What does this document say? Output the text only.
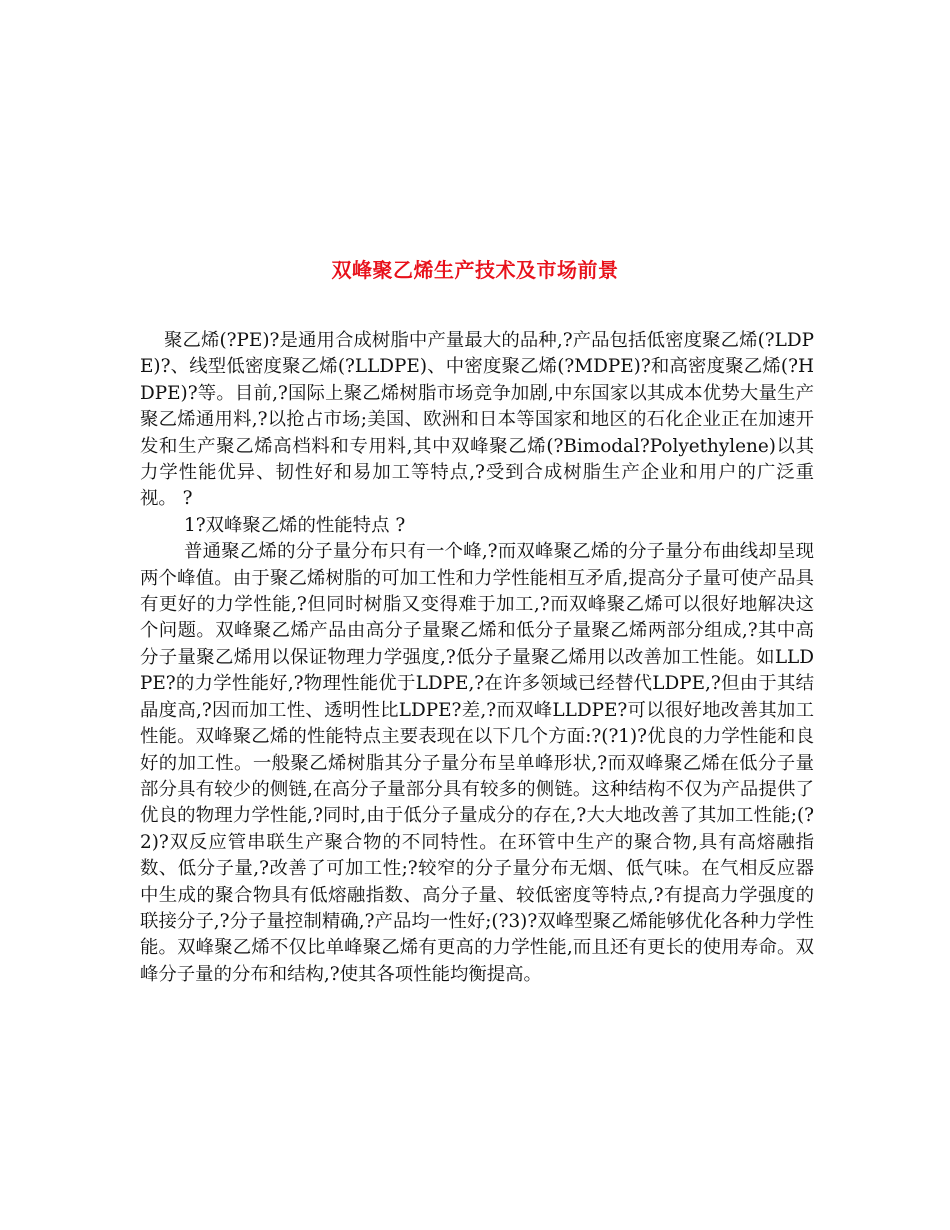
双峰聚乙烯生产技术及市场前景

聚乙烯(?PE)?是通用合成树脂中产量最大的品种,?产品包括低密度聚乙烯(?LDPE)?、线型低密度聚乙烯(?LLDPE)、中密度聚乙烯(?MDPE)?和高密度聚乙烯(?HDPE)?等。目前,?国际上聚乙烯树脂市场竞争加剧,中东国家以其成本优势大量生产聚乙烯通用料,?以抢占市场;美国、欧洲和日本等国家和地区的石化企业正在加速开发和生产聚乙烯高档料和专用料,其中双峰聚乙烯(?Bimodal?Polyethylene)以其力学性能优异、韧性好和易加工等特点,?受到合成树脂生产企业和用户的广泛重视。 ?

1?双峰聚乙烯的性能特点 ?

普通聚乙烯的分子量分布只有一个峰,?而双峰聚乙烯的分子量分布曲线却呈现两个峰值。由于聚乙烯树脂的可加工性和力学性能相互矛盾,提高分子量可使产品具有更好的力学性能,?但同时树脂又变得难于加工,?而双峰聚乙烯可以很好地解决这个问题。双峰聚乙烯产品由高分子量聚乙烯和低分子量聚乙烯两部分组成,?其中高分子量聚乙烯用以保证物理力学强度,?低分子量聚乙烯用以改善加工性能。如LLDPE?的力学性能好,?物理性能优于LDPE,?在许多领域已经替代LDPE,?但由于其结晶度高,?因而加工性、透明性比LDPE?差,?而双峰LLDPE?可以很好地改善其加工性能。双峰聚乙烯的性能特点主要表现在以下几个方面:?(?1)?优良的力学性能和良好的加工性。一般聚乙烯树脂其分子量分布呈单峰形状,?而双峰聚乙烯在低分子量部分具有较少的侧链,在高分子量部分具有较多的侧链。这种结构不仅为产品提供了优良的物理力学性能,?同时,由于低分子量成分的存在,?大大地改善了其加工性能;(?2)?双反应管串联生产聚合物的不同特性。在环管中生产的聚合物,具有高熔融指数、低分子量,?改善了可加工性;?较窄的分子量分布无烟、低气味。在气相反应器中生成的聚合物具有低熔融指数、高分子量、较低密度等特点,?有提高力学强度的联接分子,?分子量控制精确,?产品均一性好;(?3)?双峰型聚乙烯能够优化各种力学性能。双峰聚乙烯不仅比单峰聚乙烯有更高的力学性能,而且还有更长的使用寿命。双峰分子量的分布和结构,?使其各项性能均衡提高。
